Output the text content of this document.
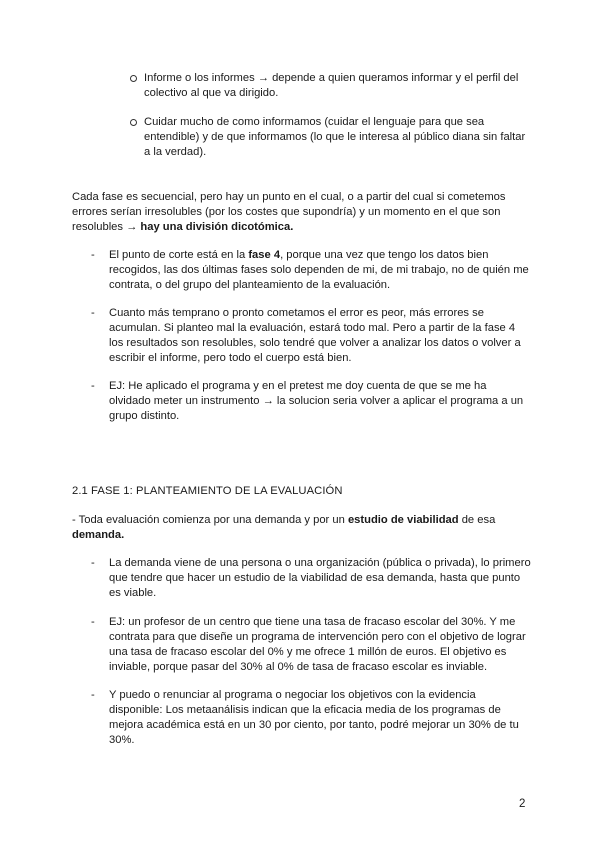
Informe o los informes → depende a quien queramos informar y el perfil del colectivo al que va dirigido.
Cuidar mucho de como informamos (cuidar el lenguaje para que sea entendible) y de que informamos (lo que le interesa al público diana sin faltar a la verdad).
Cada fase es secuencial, pero hay un punto en el cual, o a partir del cual si cometemos errores serían irresolubles (por los costes que supondría) y un momento en el que son resolubles → hay una división dicotómica.
- El punto de corte está en la fase 4, porque una vez que tengo los datos bien recogidos, las dos últimas fases solo dependen de mi, de mi trabajo, no de quién me contrata, o del grupo del planteamiento de la evaluación.
- Cuanto más temprano o pronto cometamos el error es peor, más errores se acumulan. Si planteo mal la evaluación, estará todo mal. Pero a partir de la fase 4 los resultados son resolubles, solo tendré que volver a analizar los datos o volver a escribir el informe, pero todo el cuerpo está bien.
- EJ: He aplicado el programa y en el pretest me doy cuenta de que se me ha olvidado meter un instrumento → la solucion seria volver a aplicar el programa a un grupo distinto.
2.1 FASE 1: PLANTEAMIENTO DE LA EVALUACIÓN
- Toda evaluación comienza por una demanda y por un estudio de viabilidad de esa demanda.
- La demanda viene de una persona o una organización (pública o privada), lo primero que tendre que hacer un estudio de la viabilidad de esa demanda, hasta que punto es viable.
- EJ: un profesor de un centro que tiene una tasa de fracaso escolar del 30%. Y me contrata para que diseñe un programa de intervención pero con el objetivo de lograr una tasa de fracaso escolar del 0% y me ofrece 1 millón de euros. El objetivo es inviable, porque pasar del 30% al 0% de tasa de fracaso escolar es inviable.
- Y puedo o renunciar al programa o negociar los objetivos con la evidencia disponible: Los metaanálisis indican que la eficacia media de los programas de mejora académica está en un 30 por ciento, por tanto, podré mejorar un 30% de tu 30%.
2
